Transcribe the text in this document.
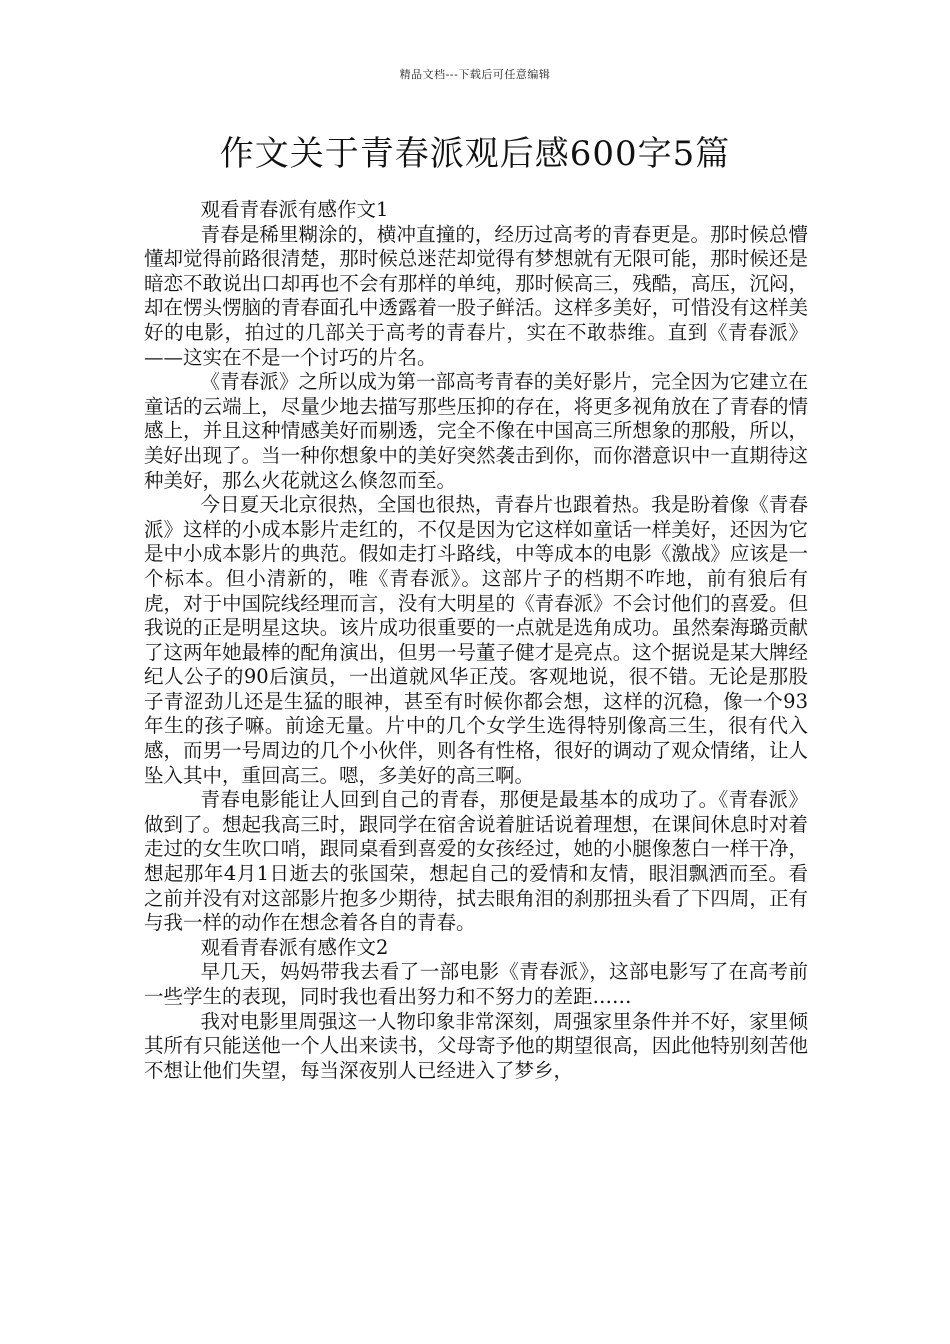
精品文档---下载后可任意编辑
作文关于青春派观后感600字5篇

观看青春派有感作文1

青春是稀里糊涂的，横冲直撞的，经历过高考的青春更是。那时候总懵懂却觉得前路很清楚，那时候总迷茫却觉得有梦想就有无限可能，那时候还是暗恋不敢说出口却再也不会有那样的单纯，那时候高三，残酷，高压，沉闷，却在愣头愣脑的青春面孔中透露着一股子鲜活。这样多美好，可惜没有这样美好的电影，拍过的几部关于高考的青春片，实在不敢恭维。直到《青春派》——这实在不是一个讨巧的片名。

《青春派》之所以成为第一部高考青春的美好影片，完全因为它建立在童话的云端上，尽量少地去描写那些压抑的存在，将更多视角放在了青春的情感上，并且这种情感美好而剔透，完全不像在中国高三所想象的那般，所以，美好出现了。当一种你想象中的美好突然袭击到你，而你潜意识中一直期待这种美好，那么火花就这么倏忽而至。

今日夏天北京很热，全国也很热，青春片也跟着热。我是盼着像《青春派》这样的小成本影片走红的，不仅是因为它这样如童话一样美好，还因为它是中小成本影片的典范。假如走打斗路线，中等成本的电影《激战》应该是一个标本。但小清新的，唯《青春派》。这部片子的档期不咋地，前有狼后有虎，对于中国院线经理而言，没有大明星的《青春派》不会讨他们的喜爱。但我说的正是明星这块。该片成功很重要的一点就是选角成功。虽然秦海璐贡献了这两年她最棒的配角演出，但男一号董子健才是亮点。这个据说是某大牌经纪人公子的90后演员，一出道就风华正茂。客观地说，很不错。无论是那股子青涩劲儿还是生猛的眼神，甚至有时候你都会想，这样的沉稳，像一个93年生的孩子嘛。前途无量。片中的几个女学生选得特别像高三生，很有代入感，而男一号周边的几个小伙伴，则各有性格，很好的调动了观众情绪，让人坠入其中，重回高三。嗯，多美好的高三啊。

青春电影能让人回到自己的青春，那便是最基本的成功了。《青春派》做到了。想起我高三时，跟同学在宿舍说着脏话说着理想，在课间休息时对着走过的女生吹口哨，跟同桌看到喜爱的女孩经过，她的小腿像葱白一样干净，想起那年4月1日逝去的张国荣，想起自己的爱情和友情，眼泪飘洒而至。看之前并没有对这部影片抱多少期待，拭去眼角泪的刹那扭头看了下四周，正有与我一样的动作在想念着各自的青春。

观看青春派有感作文2

早几天，妈妈带我去看了一部电影《青春派》，这部电影写了在高考前一些学生的表现，同时我也看出努力和不努力的差距……

我对电影里周强这一人物印象非常深刻，周强家里条件并不好，家里倾其所有只能送他一个人出来读书，父母寄予他的期望很高，因此他特别刻苦他不想让他们失望，每当深夜别人已经进入了梦乡，
